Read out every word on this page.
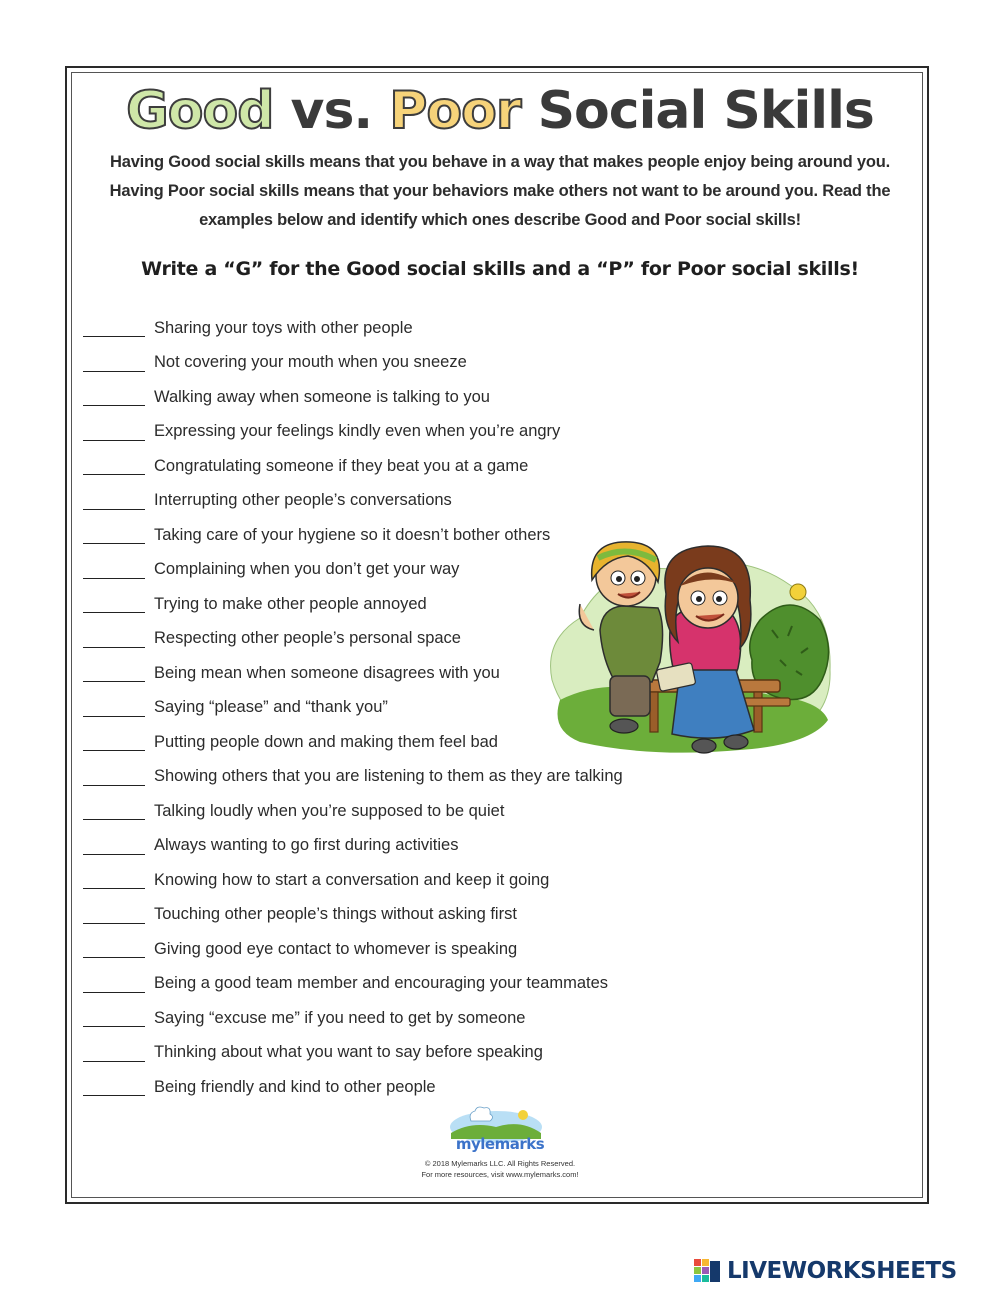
Good vs. Poor Social Skills
Having Good social skills means that you behave in a way that makes people enjoy being around you.
Having Poor social skills means that your behaviors make others not want to be around you. Read the
examples below and identify which ones describe Good and Poor social skills!
Write a “G” for the Good social skills and a “P” for Poor social skills!
Sharing your toys with other people
Not covering your mouth when you sneeze
Walking away when someone is talking to you
Expressing your feelings kindly even when you’re angry
Congratulating someone if they beat you at a game
Interrupting other people’s conversations
Taking care of your hygiene so it doesn’t bother others
Complaining when you don’t get your way
Trying to make other people annoyed
Respecting other people’s personal space
Being mean when someone disagrees with you
Saying “please” and “thank you”
Putting people down and making them feel bad
Showing others that you are listening to them as they are talking
Talking loudly when you’re supposed to be quiet
Always wanting to go first during activities
Knowing how to start a conversation and keep it going
Touching other people’s things without asking first
Giving good eye contact to whomever is speaking
Being a good team member and encouraging your teammates
Saying “excuse me” if you need to get by someone
Thinking about what you want to say before speaking
Being friendly and kind to other people
mylemarks
© 2018 Mylemarks LLC. All Rights Reserved.
For more resources, visit www.mylemarks.com!
LIVEWORKSHEETS
